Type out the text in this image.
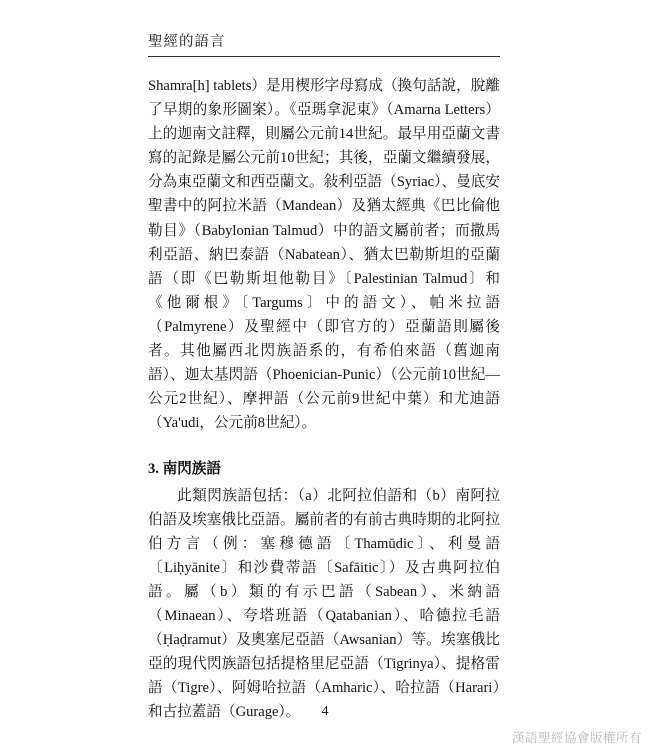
聖經的語言

Shamra[h] tablets）是用楔形字母寫成（換句話說，脫離了早期的象形圖案）。《亞瑪拿泥東》（Amarna Letters）上的迦南文註釋，則屬公元前14世紀。最早用亞蘭文書寫的記錄是屬公元前10世紀；其後，亞蘭文繼續發展，分為東亞蘭文和西亞蘭文。敍利亞語（Syriac）、曼底安聖書中的阿拉米語（Mandean）及猶太經典《巴比倫他勒目》（Babylonian Talmud）中的語文屬前者；而撒馬利亞語、納巴泰語（Nabatean）、猶太巴勒斯坦的亞蘭語（即《巴勒斯坦他勒目》〔Palestinian Talmud〕和《他爾根》〔Targums〕中的語文）、帕米拉語（Palmyrene）及聖經中（即官方的）亞蘭語則屬後者。其他屬西北閃族語系的，有希伯來語（舊迦南語）、迦太基閃語（Phoenician-Punic）（公元前10世紀—公元2世紀）、摩押語（公元前9世紀中葉）和尤迪語（Ya'udi，公元前8世紀）。

3. 南閃族語

此類閃族語包括：（a）北阿拉伯語和（b）南阿拉伯語及埃塞俄比亞語。屬前者的有前古典時期的北阿拉伯方言（例：塞穆德語〔Thamūdic〕、利曼語〔Liḥyānite〕和沙費蒂語〔Safāitic〕）及古典阿拉伯語。屬（b）類的有示巴語（Sabean）、米納語（Minaean）、夸塔班語（Qatabanian）、哈德拉毛語（Ḥaḍramut）及奧塞尼亞語（Awsanian）等。埃塞俄比亞的現代閃族語包括提格里尼亞語（Tigrinya）、提格雷語（Tigre）、阿姆哈拉語（Amharic）、哈拉語（Harari）和古拉蓋語（Gurage）。	4
漢語聖經協會版權所有
